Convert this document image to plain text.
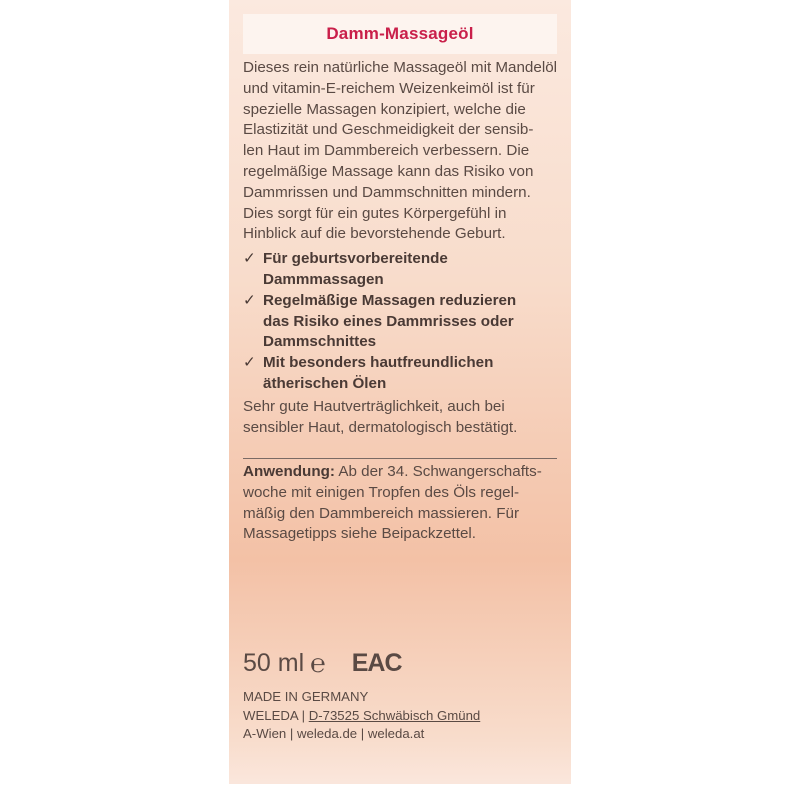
Damm-Massageöl

Dieses rein natürliche Massageöl mit Mandelöl
und vitamin-E-reichem Weizenkeimöl ist für
spezielle Massagen konzipiert, welche die
Elastizität und Geschmeidigkeit der sensib-
len Haut im Dammbereich verbessern. Die
regelmäßige Massage kann das Risiko von
Dammrissen und Dammschnitten mindern.
Dies sorgt für ein gutes Körpergefühl in
Hinblick auf die bevorstehende Geburt.

✓ Für geburtsvorbereitende
Dammmassagen
✓ Regelmäßige Massagen reduzieren
das Risiko eines Dammrisses oder
Dammschnittes
✓ Mit besonders hautfreundlichen
ätherischen Ölen

Sehr gute Hautverträglichkeit, auch bei
sensibler Haut, dermatologisch bestätigt.

Anwendung: Ab der 34. Schwangerschafts-
woche mit einigen Tropfen des Öls regel-
mäßig den Dammbereich massieren. Für
Massagetipps siehe Beipackzettel.
50 ml ℮ EAC
MADE IN GERMANY
WELEDA | D-73525 Schwäbisch Gmünd
A-Wien | weleda.de | weleda.at
